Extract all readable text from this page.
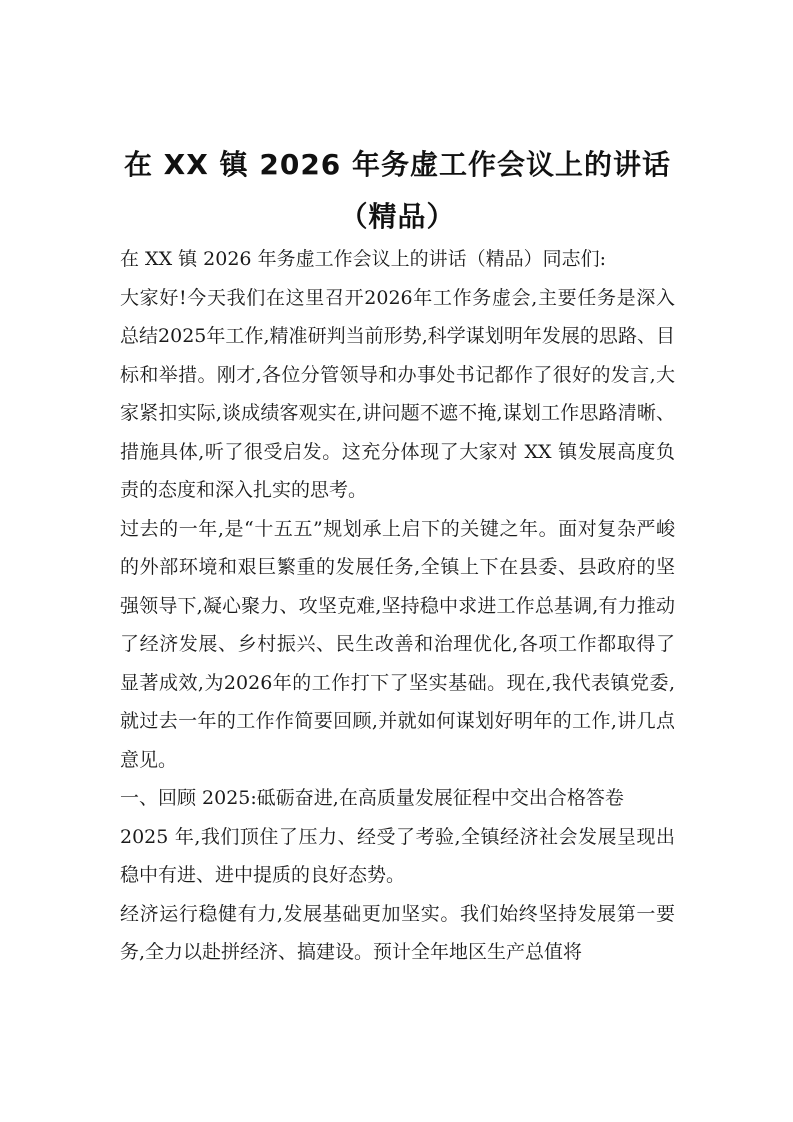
在 XX 镇 2026 年务虚工作会议上的讲话（精品）

在 XX 镇 2026 年务虚工作会议上的讲话（精品）同志们:

大家好!今天我们在这里召开2026年工作务虚会,主要任务是深入总结2025年工作,精准研判当前形势,科学谋划明年发展的思路、目标和举措。刚才,各位分管领导和办事处书记都作了很好的发言,大家紧扣实际,谈成绩客观实在,讲问题不遮不掩,谋划工作思路清晰、措施具体,听了很受启发。这充分体现了大家对 XX 镇发展高度负责的态度和深入扎实的思考。

过去的一年,是“十五五”规划承上启下的关键之年。面对复杂严峻的外部环境和艰巨繁重的发展任务,全镇上下在县委、县政府的坚强领导下,凝心聚力、攻坚克难,坚持稳中求进工作总基调,有力推动了经济发展、乡村振兴、民生改善和治理优化,各项工作都取得了显著成效,为2026年的工作打下了坚实基础。现在,我代表镇党委,就过去一年的工作作简要回顾,并就如何谋划好明年的工作,讲几点意见。

一、回顾 2025:砥砺奋进,在高质量发展征程中交出合格答卷

2025 年,我们顶住了压力、经受了考验,全镇经济社会发展呈现出稳中有进、进中提质的良好态势。

经济运行稳健有力,发展基础更加坚实。我们始终坚持发展第一要务,全力以赴拼经济、搞建设。预计全年地区生产总值将
